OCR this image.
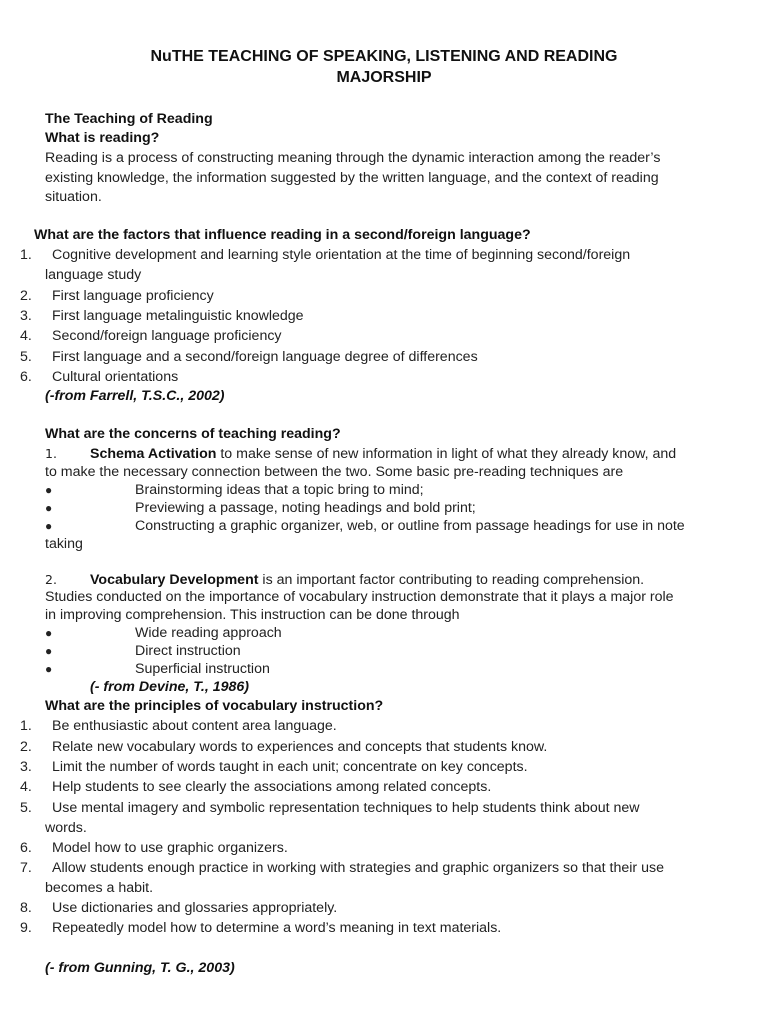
NuTHE TEACHING OF SPEAKING, LISTENING AND READING
MAJORSHIP
The Teaching of Reading
What is reading?
Reading is a process of constructing meaning through the dynamic interaction among the reader’s
existing knowledge, the information suggested by the written language, and the context of reading
situation.
What are the factors that influence reading in a second/foreign language?
1. Cognitive development and learning style orientation at the time of beginning second/foreign
language study
2. First language proficiency
3. First language metalinguistic knowledge
4. Second/foreign language proficiency
5. First language and a second/foreign language degree of differences
6. Cultural orientations
(-from Farrell, T.S.C., 2002)
What are the concerns of teaching reading?
1. Schema Activation to make sense of new information in light of what they already know, and
to make the necessary connection between the two. Some basic pre-reading techniques are
●	Brainstorming ideas that a topic bring to mind;
●	Previewing a passage, noting headings and bold print;
●	Constructing a graphic organizer, web, or outline from passage headings for use in note
taking
2. Vocabulary Development is an important factor contributing to reading comprehension.
Studies conducted on the importance of vocabulary instruction demonstrate that it plays a major role
in improving comprehension. This instruction can be done through
●	Wide reading approach
●	Direct instruction
●	Superficial instruction
(- from Devine, T., 1986)
What are the principles of vocabulary instruction?
1. Be enthusiastic about content area language.
2. Relate new vocabulary words to experiences and concepts that students know.
3. Limit the number of words taught in each unit; concentrate on key concepts.
4. Help students to see clearly the associations among related concepts.
5. Use mental imagery and symbolic representation techniques to help students think about new
words.
6. Model how to use graphic organizers.
7. Allow students enough practice in working with strategies and graphic organizers so that their use
becomes a habit.
8. Use dictionaries and glossaries appropriately.
9. Repeatedly model how to determine a word’s meaning in text materials.
(- from Gunning, T. G., 2003)
